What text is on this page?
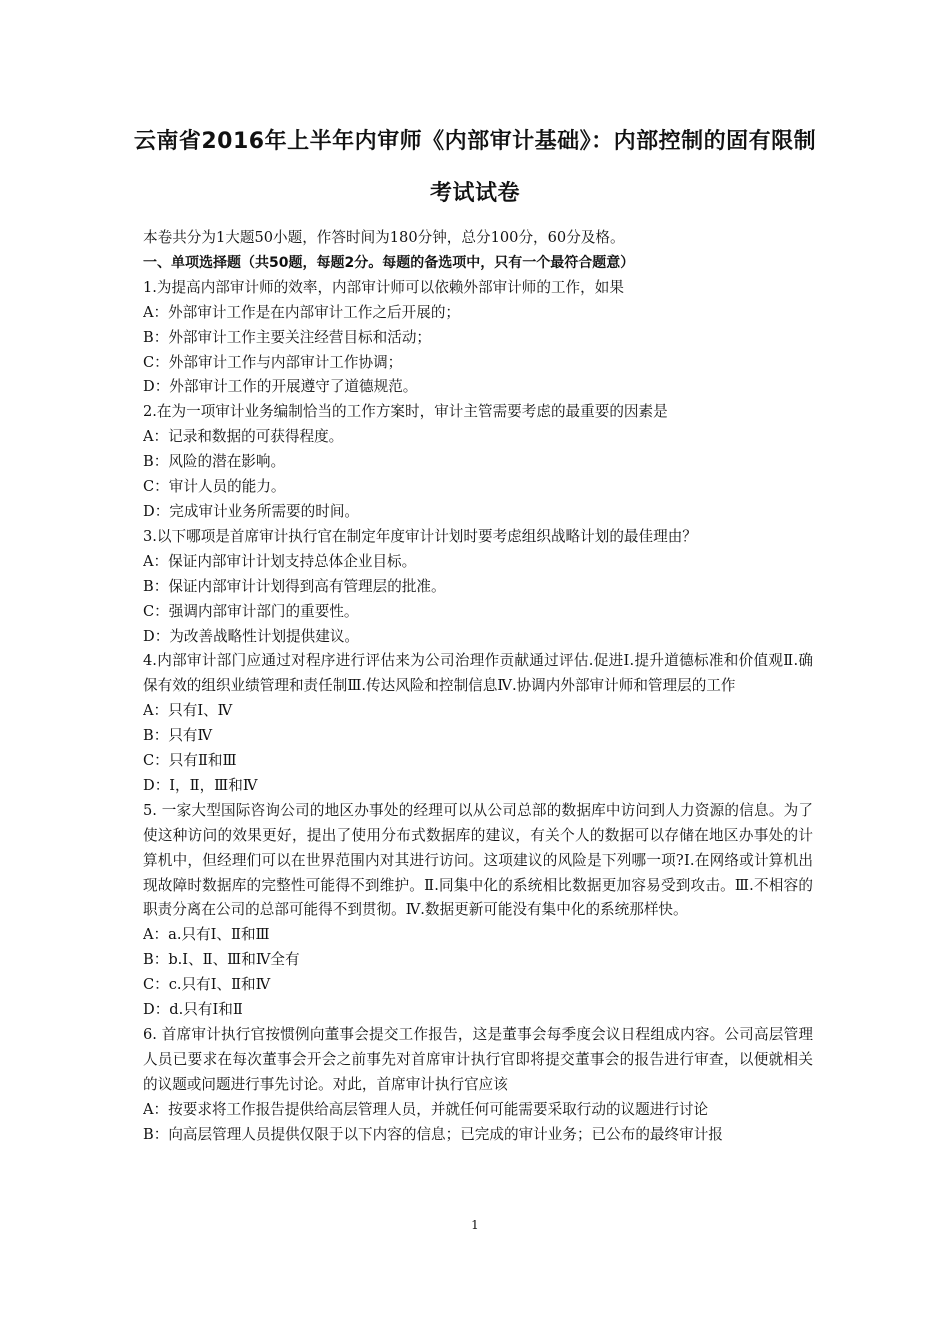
云南省2016年上半年内审师《内部审计基础》：内部控制的固有限制
考试试卷
本卷共分为1大题50小题，作答时间为180分钟，总分100分，60分及格。
一、单项选择题（共50题，每题2分。每题的备选项中，只有一个最符合题意）
1.为提高内部审计师的效率，内部审计师可以依赖外部审计师的工作，如果
A：外部审计工作是在内部审计工作之后开展的；
B：外部审计工作主要关注经营目标和活动；
C：外部审计工作与内部审计工作协调；
D：外部审计工作的开展遵守了道德规范。
2.在为一项审计业务编制恰当的工作方案时，审计主管需要考虑的最重要的因素是
A：记录和数据的可获得程度。
B：风险的潜在影响。
C：审计人员的能力。
D：完成审计业务所需要的时间。
3.以下哪项是首席审计执行官在制定年度审计计划时要考虑组织战略计划的最佳理由？
A：保证内部审计计划支持总体企业目标。
B：保证内部审计计划得到高有管理层的批准。
C：强调内部审计部门的重要性。
D：为改善战略性计划提供建议。
4.内部审计部门应通过对程序进行评估来为公司治理作贡献通过评估.促进Ⅰ.提升道德标准和价值观Ⅱ.确保有效的组织业绩管理和责任制Ⅲ.传达风险和控制信息Ⅳ.协调内外部审计师和管理层的工作
A：只有Ⅰ、Ⅳ
B：只有Ⅳ
C：只有Ⅱ和Ⅲ
D：Ⅰ，Ⅱ，Ⅲ和Ⅳ
5. 一家大型国际咨询公司的地区办事处的经理可以从公司总部的数据库中访问到人力资源的信息。为了使这种访问的效果更好，提出了使用分布式数据库的建议，有关个人的数据可以存储在地区办事处的计算机中，但经理们可以在世界范围内对其进行访问。这项建议的风险是下列哪一项?Ⅰ.在网络或计算机出现故障时数据库的完整性可能得不到维护。Ⅱ.同集中化的系统相比数据更加容易受到攻击。Ⅲ.不相容的职责分离在公司的总部可能得不到贯彻。Ⅳ.数据更新可能没有集中化的系统那样快。
A：a.只有Ⅰ、Ⅱ和Ⅲ
B：b.Ⅰ、Ⅱ、Ⅲ和Ⅳ全有
C：c.只有Ⅰ、Ⅱ和Ⅳ
D：d.只有Ⅰ和Ⅱ
6. 首席审计执行官按惯例向董事会提交工作报告，这是董事会每季度会议日程组成内容。公司高层管理人员已要求在每次董事会开会之前事先对首席审计执行官即将提交董事会的报告进行审查，以便就相关的议题或问题进行事先讨论。对此，首席审计执行官应该
A：按要求将工作报告提供给高层管理人员，并就任何可能需要采取行动的议题进行讨论
B：向高层管理人员提供仅限于以下内容的信息；已完成的审计业务；已公布的最终审计报
1
